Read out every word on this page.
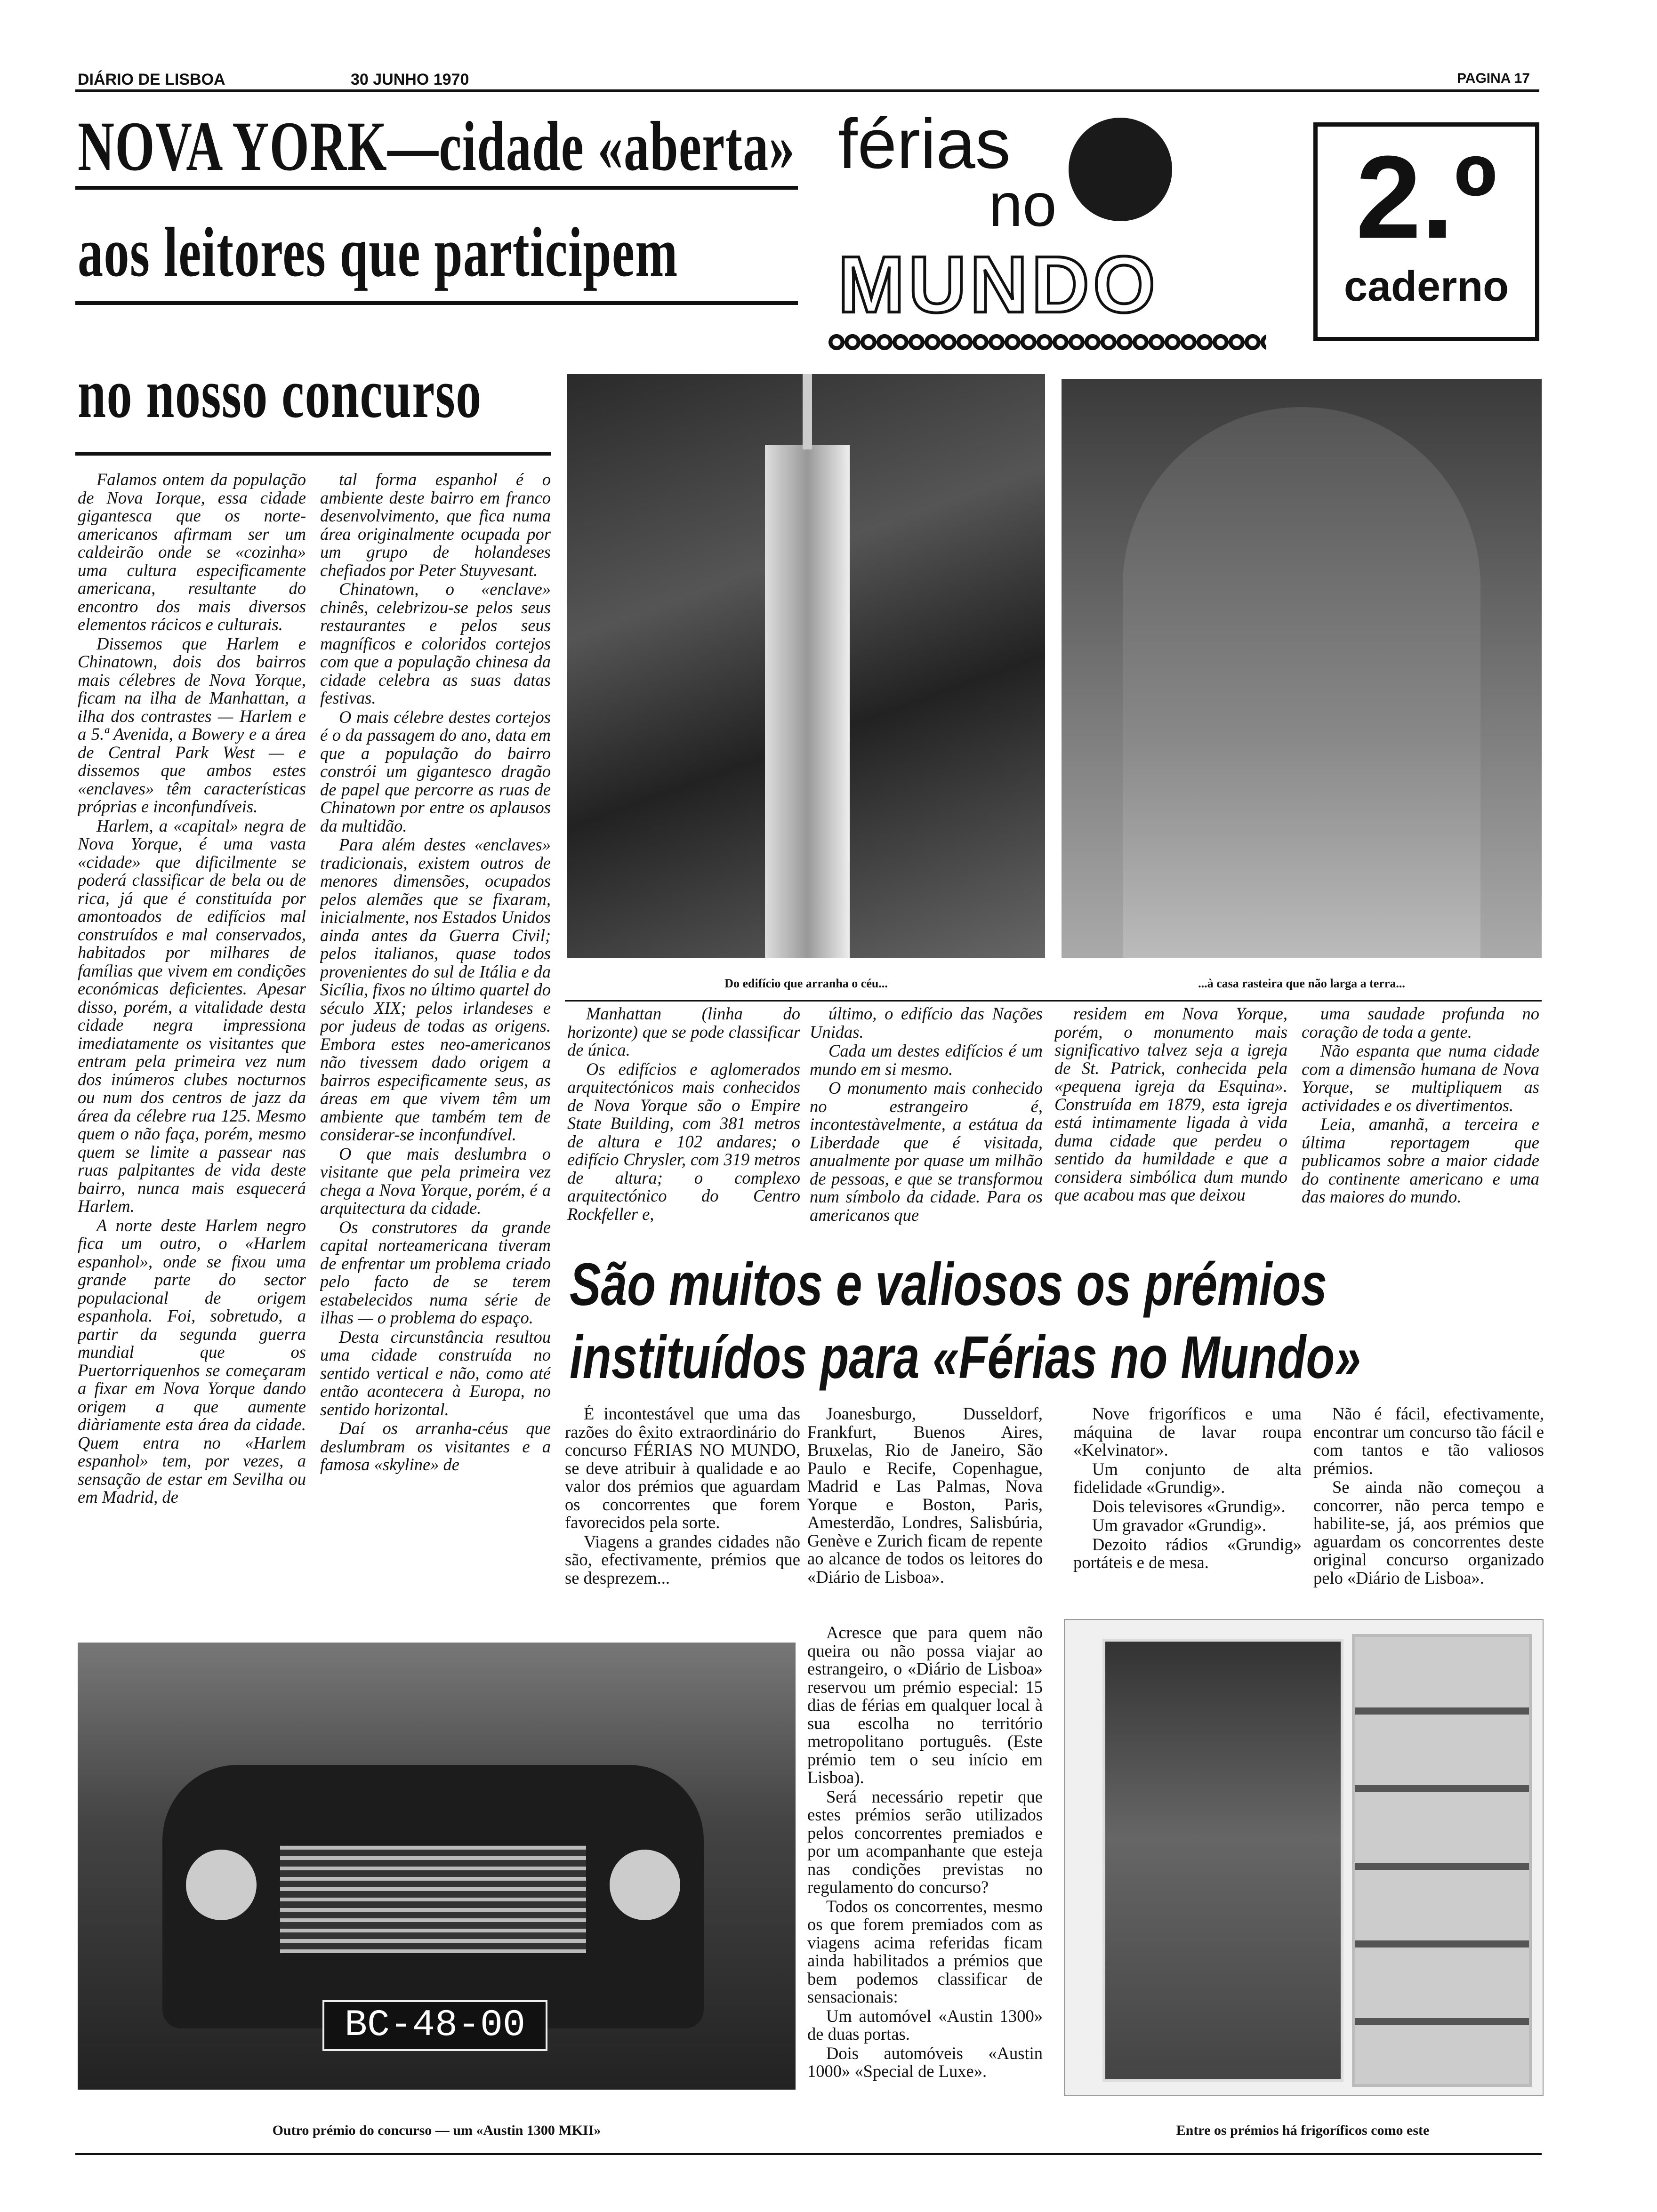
DIÁRIO DE LISBOA	30 JUNHO 1970	PAGINA 17
NOVA YORK—cidade «aberta»
aos leitores que participem
no nosso concurso
férias
no
MUNDO
2.º
caderno

Falamos ontem da população de Nova Iorque, essa cidade gigantesca que os norte-americanos afirmam ser um caldeirão onde se «cozinha» uma cultura especificamente americana, resultante do encontro dos mais diversos elementos rácicos e culturais.

Dissemos que Harlem e Chinatown, dois dos bairros mais célebres de Nova Yorque, ficam na ilha de Manhattan, a ilha dos contrastes — Harlem e a 5.ª Avenida, a Bowery e a área de Central Park West — e dissemos que ambos estes «enclaves» têm características próprias e inconfundíveis.

Harlem, a «capital» negra de Nova Yorque, é uma vasta «cidade» que dificilmente se poderá classificar de bela ou de rica, já que é constituída por amontoados de edifícios mal construídos e mal conservados, habitados por milhares de famílias que vivem em condições económicas deficientes. Apesar disso, porém, a vitalidade desta cidade negra impressiona imediatamente os visitantes que entram pela primeira vez num dos inúmeros clubes nocturnos ou num dos centros de jazz da área da célebre rua 125. Mesmo quem o não faça, porém, mesmo quem se limite a passear nas ruas palpitantes de vida deste bairro, nunca mais esquecerá Harlem.

A norte deste Harlem negro fica um outro, o «Harlem espanhol», onde se fixou uma grande parte do sector populacional de origem espanhola. Foi, sobretudo, a partir da segunda guerra mundial que os Puertorriquenhos se começaram a fixar em Nova Yorque dando origem a que aumente diàriamente esta área da cidade. Quem entra no «Harlem espanhol» tem, por vezes, a sensação de estar em Sevilha ou em Madrid, de

tal forma espanhol é o ambiente deste bairro em franco desenvolvimento, que fica numa área originalmente ocupada por um grupo de holandeses chefiados por Peter Stuyvesant.

Chinatown, o «enclave» chinês, celebrizou-se pelos seus restaurantes e pelos seus magníficos e coloridos cortejos com que a população chinesa da cidade celebra as suas datas festivas.

O mais célebre destes cortejos é o da passagem do ano, data em que a população do bairro constrói um gigantesco dragão de papel que percorre as ruas de Chinatown por entre os aplausos da multidão.

Para além destes «enclaves» tradicionais, existem outros de menores dimensões, ocupados pelos alemães que se fixaram, inicialmente, nos Estados Unidos ainda antes da Guerra Civil; pelos italianos, quase todos provenientes do sul de Itália e da Sicília, fixos no último quartel do século XIX; pelos irlandeses e por judeus de todas as origens. Embora estes neo-americanos não tivessem dado origem a bairros especificamente seus, as áreas em que vivem têm um ambiente que também tem de considerar-se inconfundível.

O que mais deslumbra o visitante que pela primeira vez chega a Nova Yorque, porém, é a arquitectura da cidade.

Os construtores da grande capital norteamericana tiveram de enfrentar um problema criado pelo facto de se terem estabelecidos numa série de ilhas — o problema do espaço.

Desta circunstância resultou uma cidade construída no sentido vertical e não, como até então acontecera à Europa, no sentido horizontal.

Daí os arranha-céus que deslumbram os visitantes e a famosa «skyline» de

Do edifício que arranha o céu...	...à casa rasteira que não larga a terra...

Manhattan (linha do horizonte) que se pode classificar de única.

Os edifícios e aglomerados arquitectónicos mais conhecidos de Nova Yorque são o Empire State Building, com 381 metros de altura e 102 andares; o edifício Chrysler, com 319 metros de altura; o complexo arquitectónico do Centro Rockfeller e,

último, o edifício das Nações Unidas.

Cada um destes edifícios é um mundo em si mesmo.

O monumento mais conhecido no estrangeiro é, incontestàvelmente, a estátua da Liberdade que é visitada, anualmente por quase um milhão de pessoas, e que se transformou num símbolo da cidade. Para os americanos que

residem em Nova Yorque, porém, o monumento mais significativo talvez seja a igreja de St. Patrick, conhecida pela «pequena igreja da Esquina». Construída em 1879, esta igreja está intimamente ligada à vida duma cidade que perdeu o sentido da humildade e que a considera simbólica dum mundo que acabou mas que deixou

uma saudade profunda no coração de toda a gente.

Não espanta que numa cidade com a dimensão humana de Nova Yorque, se multipliquem as actividades e os divertimentos.

Leia, amanhã, a terceira e última reportagem que publicamos sobre a maior cidade do continente americano e uma das maiores do mundo.

São muitos e valiosos os prémios
instituídos para «Férias no Mundo»

É incontestável que uma das razões do êxito extraordinário do concurso FÉRIAS NO MUNDO, se deve atribuir à qualidade e ao valor dos prémios que aguardam os concorrentes que forem favorecidos pela sorte.

Viagens a grandes cidades não são, efectivamente, prémios que se desprezem...

Joanesburgo, Dusseldorf, Frankfurt, Buenos Aires, Bruxelas, Rio de Janeiro, São Paulo e Recife, Copenhague, Madrid e Las Palmas, Nova Yorque e Boston, Paris, Amesterdão, Londres, Salisbúria, Genève e Zurich ficam de repente ao alcance de todos os leitores do «Diário de Lisboa».

Acresce que para quem não queira ou não possa viajar ao estrangeiro, o «Diário de Lisboa» reservou um prémio especial: 15 dias de férias em qualquer local à sua escolha no território metropolitano português. (Este prémio tem o seu início em Lisboa).

Será necessário repetir que estes prémios serão utilizados pelos concorrentes premiados e por um acompanhante que esteja nas condições previstas no regulamento do concurso?

Todos os concorrentes, mesmo os que forem premiados com as viagens acima referidas ficam ainda habilitados a prémios que bem podemos classificar de sensacionais:

Um automóvel «Austin 1300» de duas portas.

Dois automóveis «Austin 1000» «Special de Luxe».

Nove frigoríficos e uma máquina de lavar roupa «Kelvinator».

Um conjunto de alta fidelidade «Grundig».

Dois televisores «Grundig».

Um gravador «Grundig».

Dezoito rádios «Grundig» portáteis e de mesa.

Não é fácil, efectivamente, encontrar um concurso tão fácil e com tantos e tão valiosos prémios.

Se ainda não começou a concorrer, não perca tempo e habilite-se, já, aos prémios que aguardam os concorrentes deste original concurso organizado pelo «Diário de Lisboa».

BC-48-00
Outro prémio do concurso — um «Austin 1300 MKII»	Entre os prémios há frigoríficos como este
